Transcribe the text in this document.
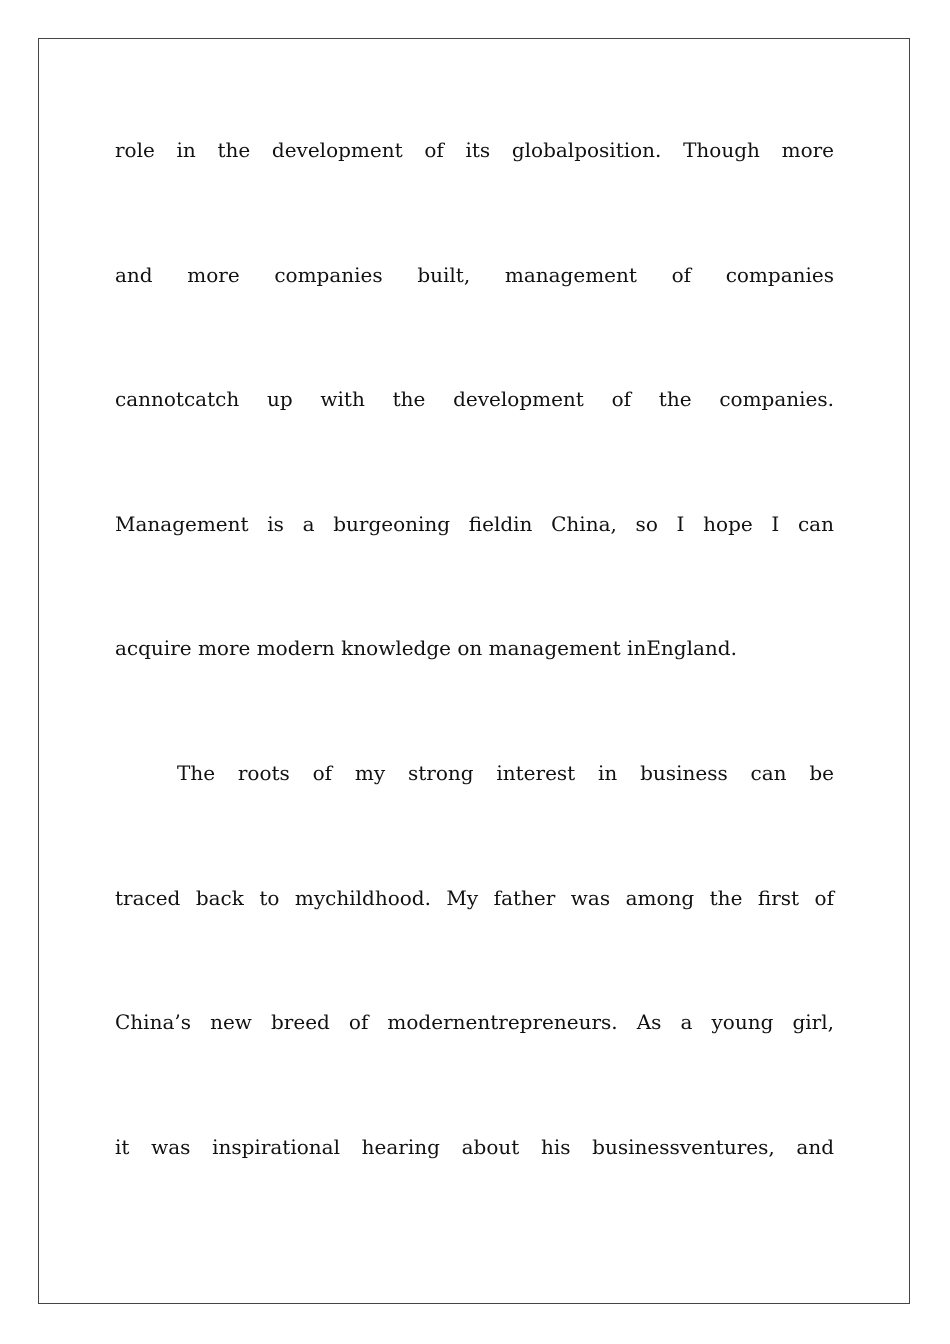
role in the development of its globalposition. Though more
and more companies built, management of companies
cannotcatch up with the development of the companies.
Management is a burgeoning fieldin China, so I hope I can
acquire more modern knowledge on management inEngland.
The roots of my strong interest in business can be
traced back to mychildhood. My father was among the first of
China’s new breed of modernentrepreneurs. As a young girl,
it was inspirational hearing about his businessventures, and
